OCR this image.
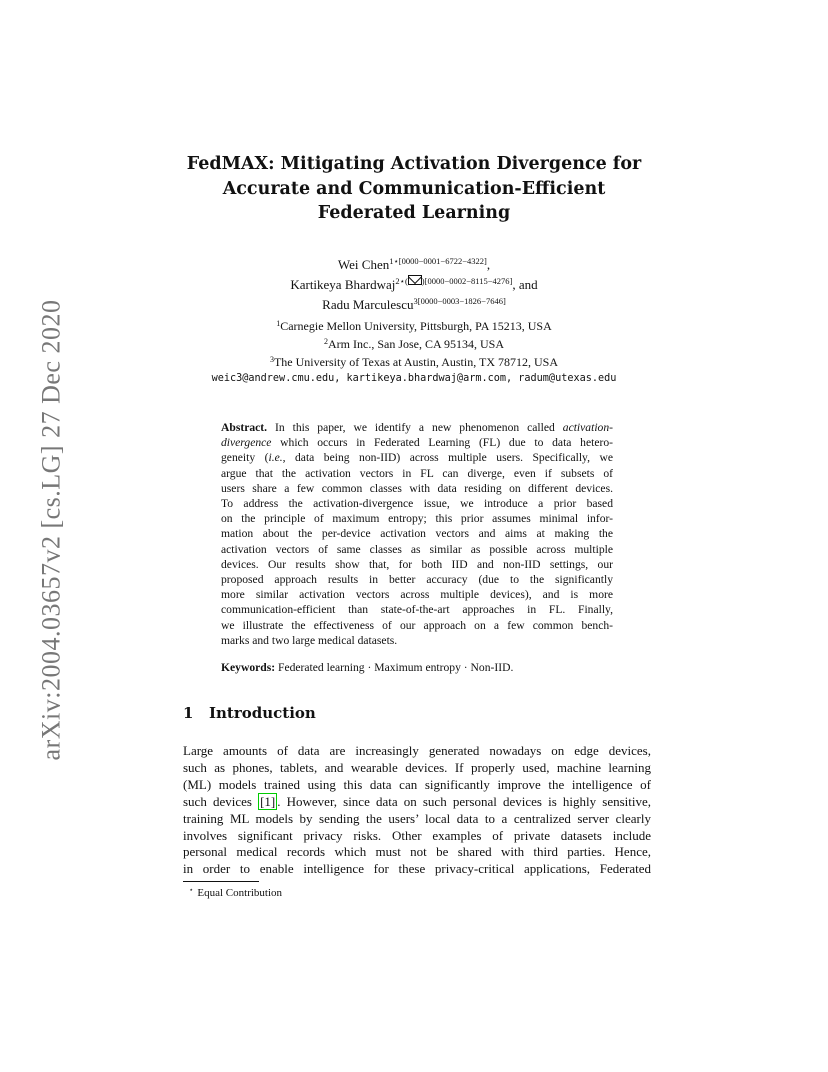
arXiv:2004.03657v2 [cs.LG] 27 Dec 2020
FedMAX: Mitigating Activation Divergence for
Accurate and Communication-Efficient
Federated Learning
Wei Chen$^{1⋆[0000-0001-6722-4322]}$,
Kartikeya Bhardwaj$^{2⋆( )[0000-0002-8115-4276]}$, and
Radu Marculescu$^{3[0000-0003-1826-7646]}$
$^1$Carnegie Mellon University, Pittsburgh, PA 15213, USA
$^2$Arm Inc., San Jose, CA 95134, USA
$^3$The University of Texas at Austin, Austin, TX 78712, USA
weic3@andrew.cmu.edu, kartikeya.bhardwaj@arm.com, radum@utexas.edu
Abstract. In this paper, we identify a new phenomenon called activation-
divergence which occurs in Federated Learning (FL) due to data hetero-
geneity (i.e., data being non-IID) across multiple users. Specifically, we
argue that the activation vectors in FL can diverge, even if subsets of
users share a few common classes with data residing on different devices.
To address the activation-divergence issue, we introduce a prior based
on the principle of maximum entropy; this prior assumes minimal infor-
mation about the per-device activation vectors and aims at making the
activation vectors of same classes as similar as possible across multiple
devices. Our results show that, for both IID and non-IID settings, our
proposed approach results in better accuracy (due to the significantly
more similar activation vectors across multiple devices), and is more
communication-efficient than state-of-the-art approaches in FL. Finally,
we illustrate the effectiveness of our approach on a few common bench-
marks and two large medical datasets.
Keywords: Federated learning · Maximum entropy · Non-IID.
1 Introduction
Large amounts of data are increasingly generated nowadays on edge devices,
such as phones, tablets, and wearable devices. If properly used, machine learning
(ML) models trained using this data can significantly improve the intelligence of
such devices [1] . However, since data on such personal devices is highly sensitive,
training ML models by sending the users’ local data to a centralized server clearly
involves significant privacy risks. Other examples of private datasets include
personal medical records which must not be shared with third parties. Hence,
in order to enable intelligence for these privacy-critical applications, Federated
⋆ Equal Contribution
